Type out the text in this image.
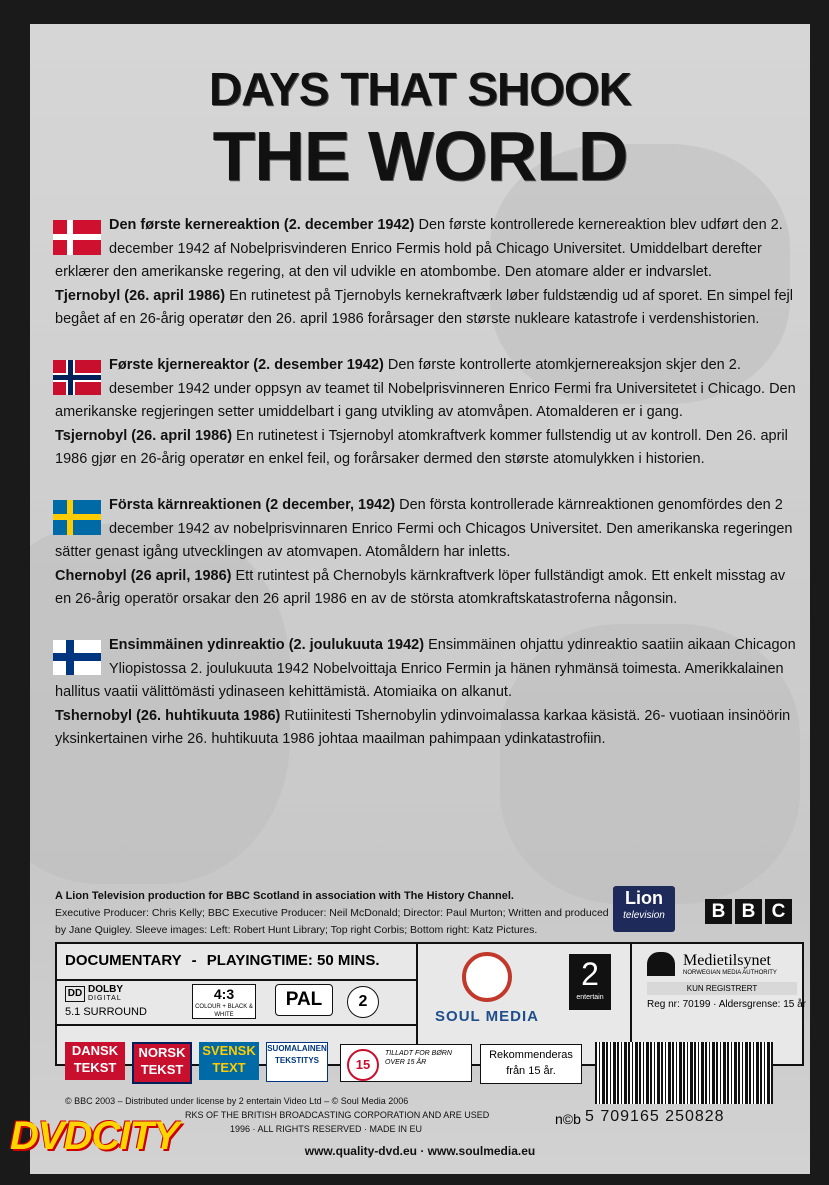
DAYS THAT SHOOK
THE WORLD

Den første kernereaktion (2. december 1942) Den første kontrollerede kernereaktion blev udført den 2. december 1942 af Nobelprisvinderen Enrico Fermis hold på Chicago Universitet. Umiddelbart derefter erklærer den amerikanske regering, at den vil udvikle en atombombe. Den atomare alder er indvarslet.

Tjernobyl (26. april 1986) En rutinetest på Tjernobyls kernekraftværk løber fuldstændig ud af sporet. En simpel fejl begået af en 26-årig operatør den 26. april 1986 forårsager den største nukleare katastrofe i verdenshistorien.

Første kjernereaktor (2. desember 1942) Den første kontrollerte atomkjernereaksjon skjer den 2. desember 1942 under oppsyn av teamet til Nobelprisvinneren Enrico Fermi fra Universitetet i Chicago. Den amerikanske regjeringen setter umiddelbart i gang utvikling av atomvåpen. Atomalderen er i gang.

Tsjernobyl (26. april 1986) En rutinetest i Tsjernobyl atomkraftverk kommer fullstendig ut av kontroll. Den 26. april 1986 gjør en 26-årig operatør en enkel feil, og forårsaker dermed den største atomulykken i historien.

Första kärnreaktionen (2 december, 1942) Den första kontrollerade kärnreaktionen genomfördes den 2 december 1942 av nobelprisvinnaren Enrico Fermi och Chicagos Universitet. Den amerikanska regeringen sätter genast igång utvecklingen av atomvapen. Atomåldern har inletts.

Chernobyl (26 april, 1986) Ett rutintest på Chernobyls kärnkraftverk löper fullständigt amok. Ett enkelt misstag av en 26-årig operatör orsakar den 26 april 1986 en av de största atomkraftskatastroferna någonsin.

Ensimmäinen ydinreaktio (2. joulukuuta 1942) Ensimmäinen ohjattu ydinreaktio saatiin aikaan Chicagon Yliopistossa 2. joulukuuta 1942 Nobelvoittaja Enrico Fermin ja hänen ryhmänsä toimesta. Amerikkalainen hallitus vaatii välittömästi ydinaseen kehittämistä. Atomiaika on alkanut.

Tshernobyl (26. huhtikuuta 1986) Rutiinitesti Tshernobylin ydinvoimalassa karkaa käsistä. 26- vuotiaan insinöörin yksinkertainen virhe 26. huhtikuuta 1986 johtaa maailman pahimpaan ydinkatastrofiin.

A Lion Television production for BBC Scotland in association with The History Channel.
Executive Producer: Chris Kelly; BBC Executive Producer: Neil McDonald; Director: Paul Murton; Written and produced by Jane Quigley. Sleeve images: Left: Robert Hunt Library; Top right Corbis; Bottom right: Katz Pictures.
Lion
television	B B C
DOCUMENTARY - PLAYINGTIME: 50 MINS.
DD DOLBY
DIGITAL
5.1 SURROUND
4:3
COLOUR + BLACK & WHITE
PAL	2
SOUL MEDIA
2
entertain
Medietilsynet
NORWEGIAN MEDIA AUTHORITY
KUN REGISTRERT
Reg nr: 70199 · Aldersgrense: 15 år
DANSK TEKST
NORSK TEKST
SVENSK TEXT
SUOMALAINEN TEKSTITYS	15
TILLADT FOR BØRN OVER 15 ÅR
Rekommenderas från 15 år.
© BBC 2003 – Distributed under license by 2 entertain Video Ltd – © Soul Media 2006
RKS OF THE BRITISH BROADCASTING CORPORATION AND ARE USED
1996 · ALL RIGHTS RESERVED · MADE IN EU
n©b 5 709165 250828
www.quality-dvd.eu · www.soulmedia.eu
DVDCITY
